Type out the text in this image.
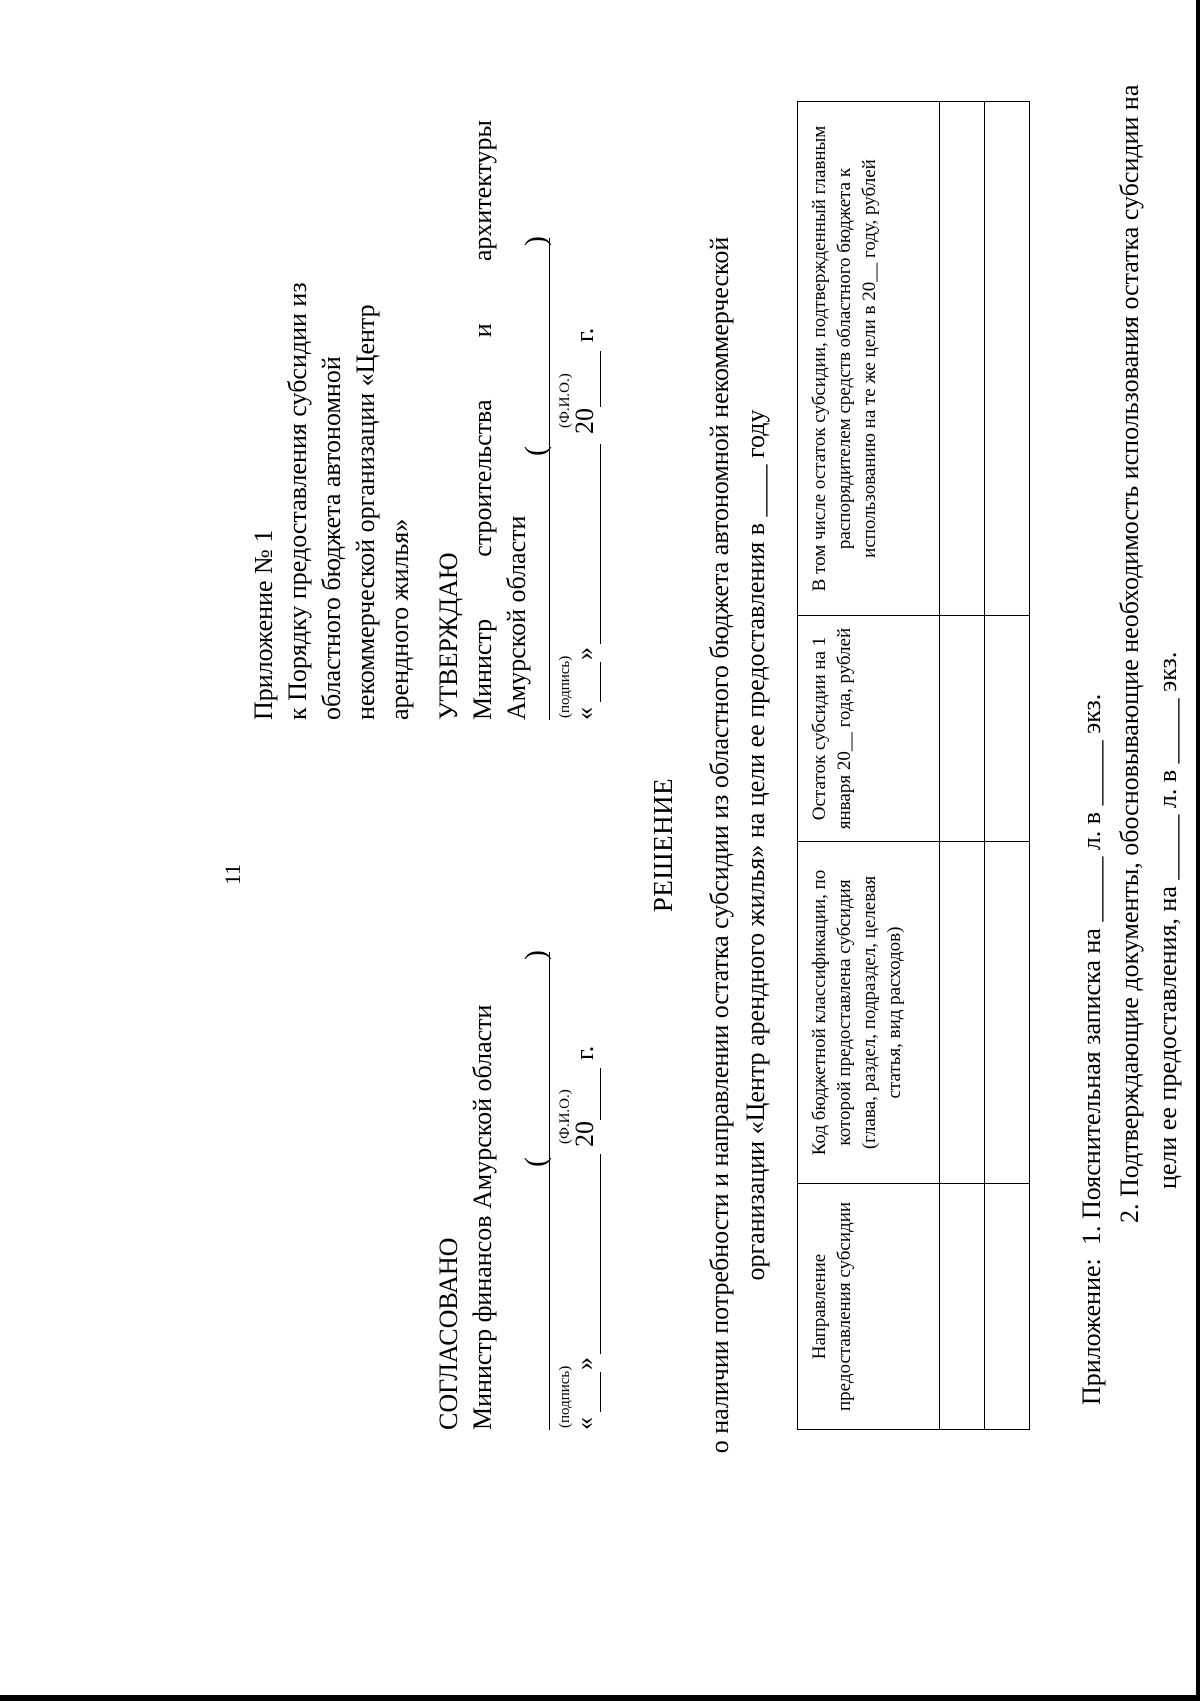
11
Приложение № 1 к Порядку предоставления субсидии из областного бюджета автономной некоммерческой организации «Центр арендного жилья»
СОГЛАСОВАНО Министр финансов Амурской области (
)
(подпись)
(Ф.И.О.)
«
»
20
г.
УТВЕРЖДАЮ Министр строительства и архитектуры Амурской области
(
)
(подпись)
(Ф.И.О.)
«
»
20
г.
РЕШЕНИЕ о наличии потребности и направлении остатка субсидии из областного бюджета автономной некоммерческой организации «Центр арендного жилья» на цели ее предоставления в ____ году
Направление предоставления субсидии	Код бюджетной классификации, по которой предоставлена субсидия (глава, раздел, подраздел, целевая статья, вид расходов)	Остаток субсидии на 1 января 20__ года, рублей	В том числе остаток субсидии, подтвержденный главным распорядителем средств областного бюджета к использованию на те же цели в 20__ году, рублей

Приложение:
1. Пояснительная записка на _____ л. в _____ экз. 2. Подтверждающие документы, обосновывающие необходимость использования остатка субсидии на цели ее предоставления, на _____ л. в _____ экз.
